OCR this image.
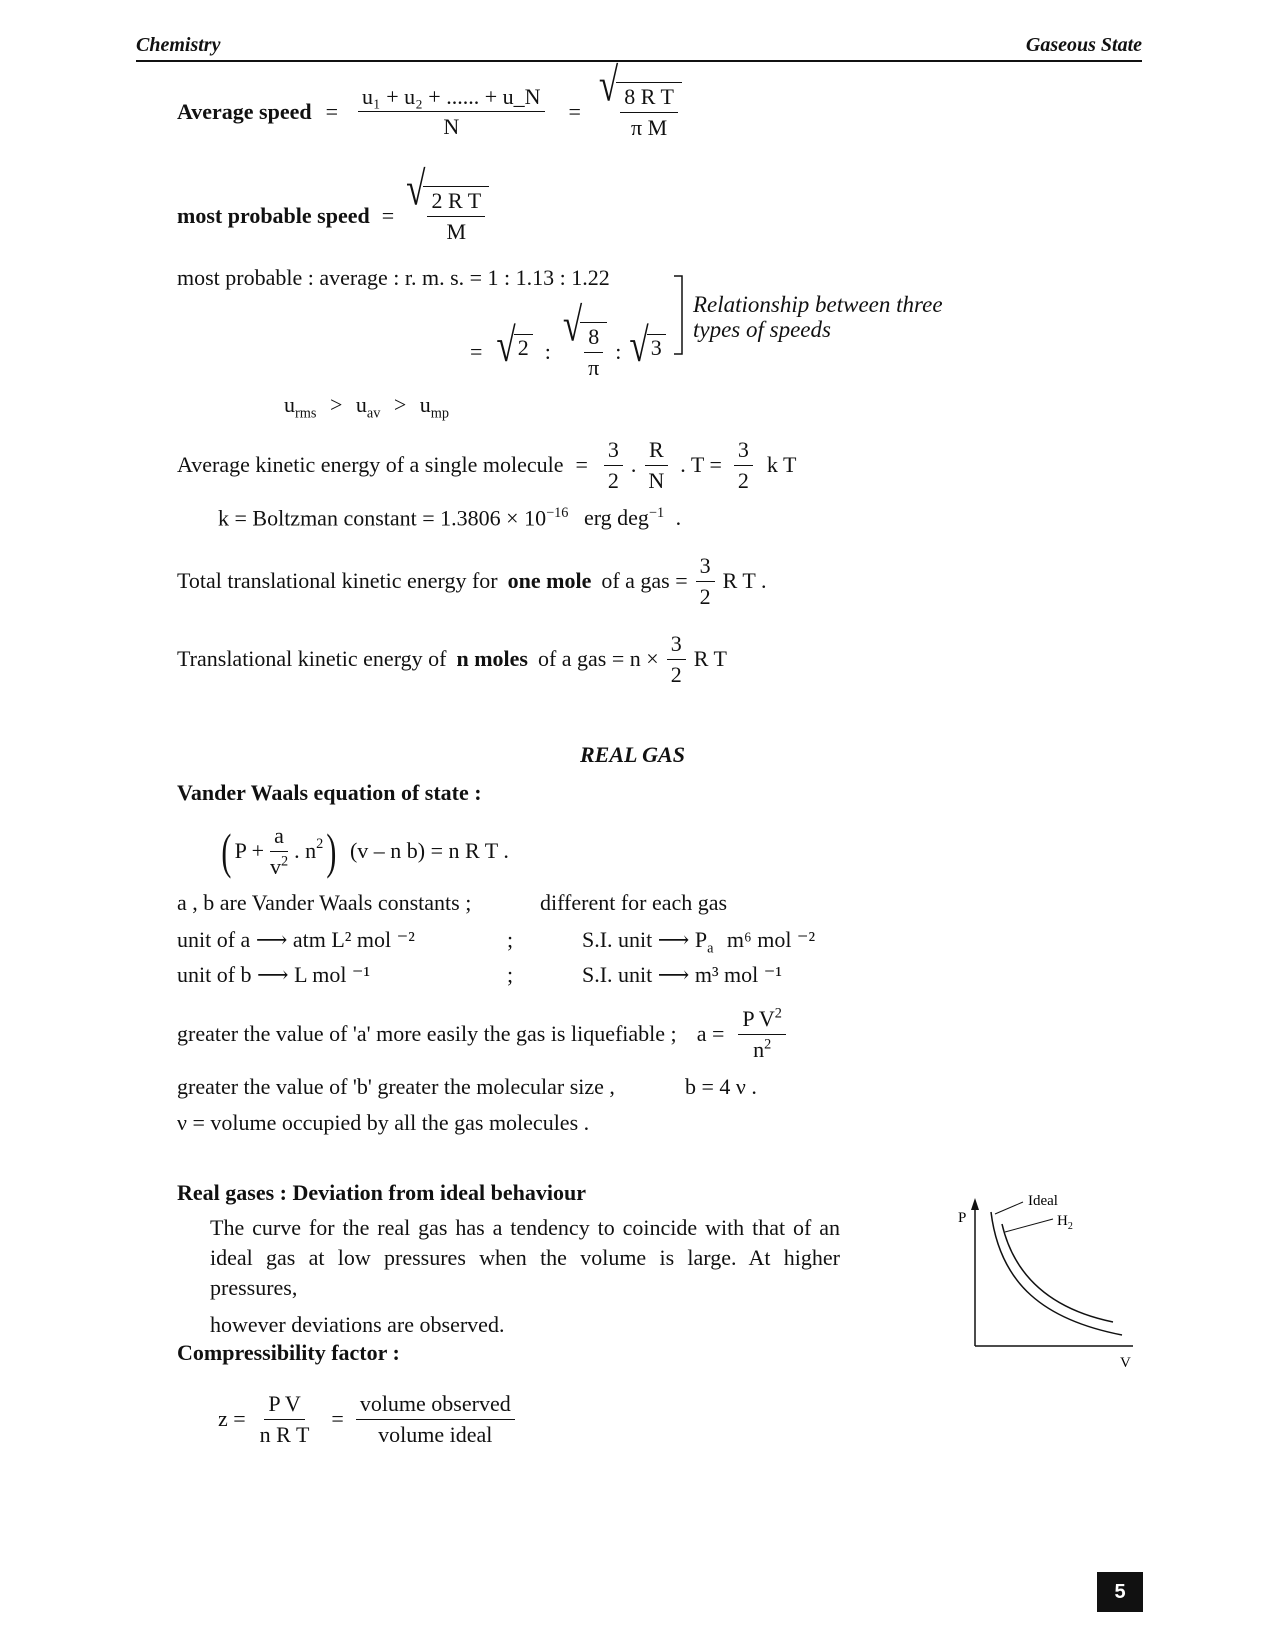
Chemistry	Gaseous State
Average speed = $\frac{\text{u₁ + u₂ + ...... + u\_N}}{N}$ = √ $\frac{\text{8 R T}}{\text{π M}}$
most probable speed = √ $\frac{\text{2 R T}}{M}$
most probable : average : r. m. s. = 1 : 1.13 : 1.22
= √ 2 : √ $\frac{8}{\pi}$ : √ 3
Relationship between three
types of speeds
$u_{rms} > u_{av} > u_{mp}$
Average kinetic energy of a single molecule = $\frac{3}{2}$ . $\frac{R}{N}$ . $T = \frac{3}{2}$ k T
k = Boltzman constant = $1.3806 \times 10^{-16}$ erg deg$^{-1}$ .
Total translational kinetic energy for one mole of a gas = $\frac{3}{2}$ R T .
Translational kinetic energy of n moles of a gas = $n \times \frac{3}{2}$ R T
REAL GAS
Vander Waals equation of state :
( $P + \frac{a}{v^2}$ . $n^2$ ) (v – n b) = n R T .
a , b are Vander Waals constants ;	different for each gas
unit of a ⟶ atm L² mol ⁻²	;	S.I. unit ⟶ $P_a$ m⁶ mol ⁻²
unit of b ⟶ L mol ⁻¹	;	S.I. unit ⟶ m³ mol ⁻¹
greater the value of 'a' more easily the gas is liquefiable ; $a = \frac{P V^2}{n^2}$
greater the value of 'b' greater the molecular size ,	b = 4 ν .
ν = volume occupied by all the gas molecules .
Real gases : Deviation from ideal behaviour
The curve for the real gas has a tendency to coincide with that of an ideal gas at low pressures when the volume is large. At higher pressures,
however deviations are observed.
P
V
Ideal
$H_2$
Compressibility factor :
$z = \frac{\text{P V}}{\text{n R T}} = \frac{\text{volume observed}}{\text{volume ideal}}$
5
